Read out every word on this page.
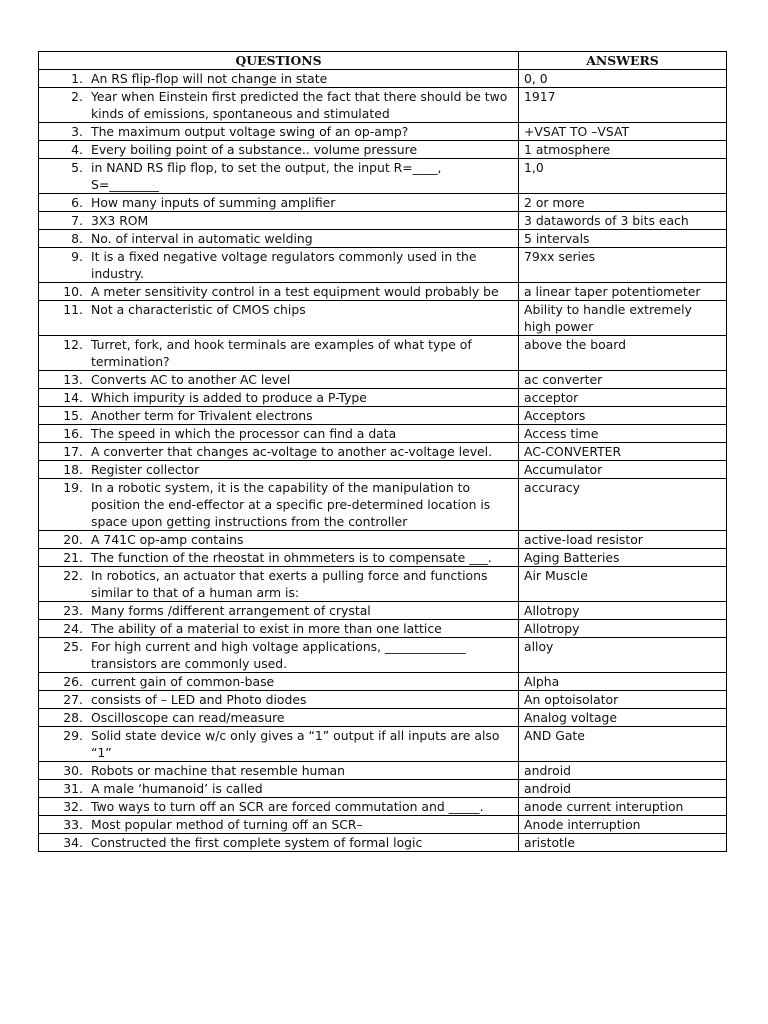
QUESTIONS	ANSWERS

1. An RS flip-flop will not change in state	0, 0

2. Year when Einstein first predicted the fact that there should be two kinds of emissions, spontaneous and stimulated	1917

3. The maximum output voltage swing of an op-amp?	+VSAT TO –VSAT

4. Every boiling point of a substance.. volume pressure	1 atmosphere

5. in NAND RS flip flop, to set the output, the input R=____, S=________	1,0

6. How many inputs of summing amplifier	2 or more

7. 3X3 ROM	3 datawords of 3 bits each

8. No. of interval in automatic welding	5 intervals

9. It is a fixed negative voltage regulators commonly used in the industry.	79xx series

10. A meter sensitivity control in a test equipment would probably be	a linear taper potentiometer

11. Not a characteristic of CMOS chips	Ability to handle extremely high power

12. Turret, fork, and hook terminals are examples of what type of termination?	above the board

13. Converts AC to another AC level	ac converter

14. Which impurity is added to produce a P-Type	acceptor

15. Another term for Trivalent electrons	Acceptors

16. The speed in which the processor can find a data	Access time

17. A converter that changes ac-voltage to another ac-voltage level.	AC-CONVERTER

18. Register collector	Accumulator

19. In a robotic system, it is the capability of the manipulation to position the end-effector at a specific pre-determined location is space upon getting instructions from the controller	accuracy

20. A 741C op-amp contains	active-load resistor

21. The function of the rheostat in ohmmeters is to compensate ___.	Aging Batteries

22. In robotics, an actuator that exerts a pulling force and functions similar to that of a human arm is:	Air Muscle

23. Many forms /different arrangement of crystal	Allotropy

24. The ability of a material to exist in more than one lattice	Allotropy

25. For high current and high voltage applications, _____________ transistors are commonly used.	alloy

26. current gain of common-base	Alpha

27. consists of – LED and Photo diodes	An optoisolator

28. Oscilloscope can read/measure	Analog voltage

29. Solid state device w/c only gives a “1” output if all inputs are also “1”	AND Gate

30. Robots or machine that resemble human	android

31. A male ‘humanoid’ is called	android

32. Two ways to turn off an SCR are forced commutation and _____.	anode current interuption

33. Most popular method of turning off an SCR–	Anode interruption

34. Constructed the first complete system of formal logic	aristotle
